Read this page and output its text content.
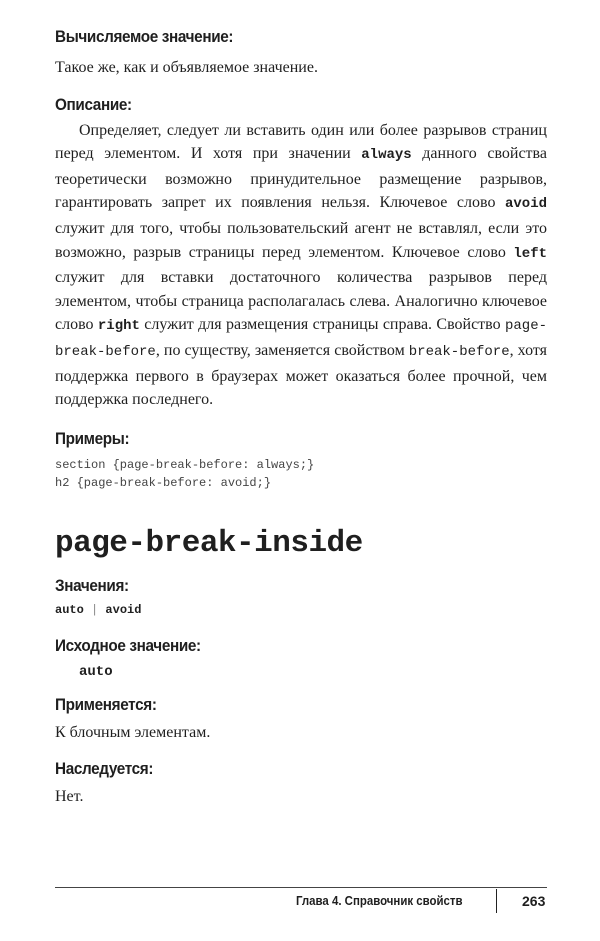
Вычисляемое значение:

Такое же, как и объявляемое значение.

Описание:

Определяет, следует ли вставить один или более разрывов страниц перед элементом. И хотя при значении always данного свойства теоретически возможно принудительное размещение разрывов, гарантировать запрет их появления нельзя. Ключевое слово avoid служит для того, чтобы пользовательский агент не вставлял, если это возможно, разрыв страницы перед элементом. Ключевое слово left служит для вставки достаточного количества разрывов перед элементом, чтобы страница располагалась слева. Аналогично ключевое слово right служит для размещения страницы справа. Свойство page-break-before, по существу, заменяется свойством break-before, хотя поддержка первого в браузерах может оказаться более прочной, чем поддержка последнего.

Примеры:

section {page-break-before: always;}

h2 {page-break-before: avoid;}

page-break-inside

Значения:

auto | avoid

Исходное значение:

auto

Применяется:

К блочным элементам.

Наследуется:

Нет.

Глава 4. Справочник свойств	263
